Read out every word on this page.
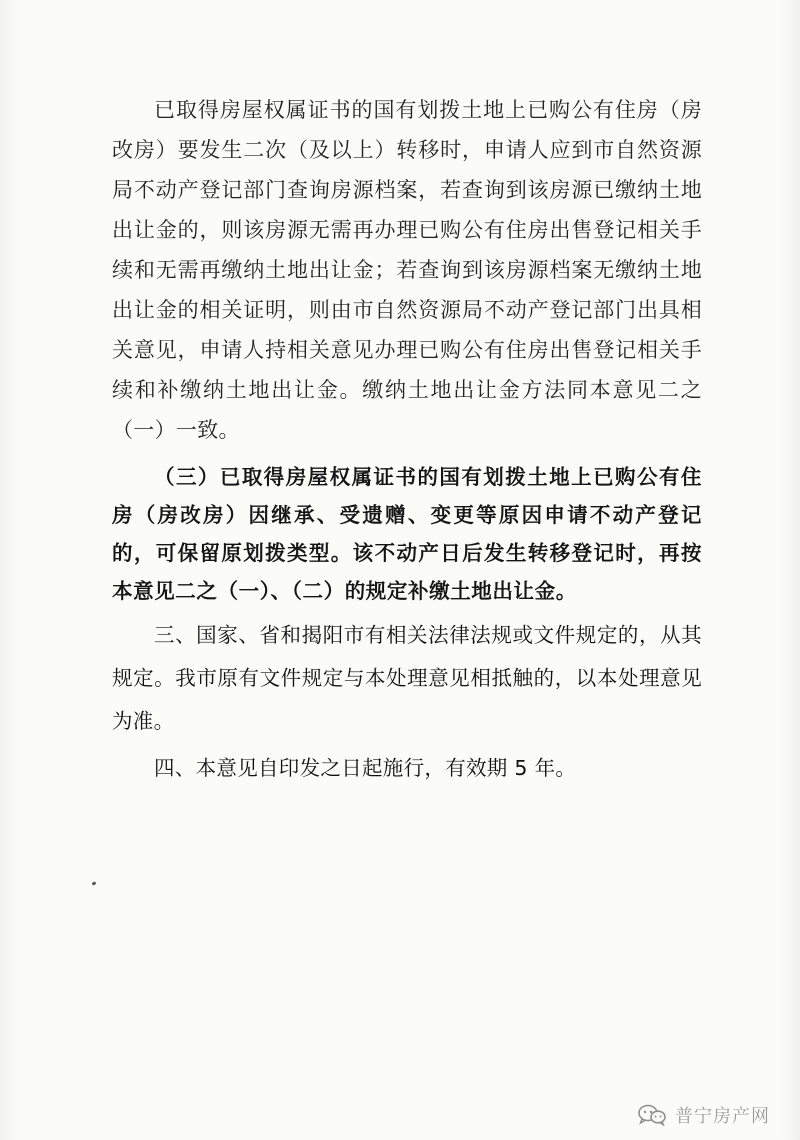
已取得房屋权属证书的国有划拨土地上已购公有住房（房改房）要发生二次（及以上）转移时，申请人应到市自然资源局不动产登记部门查询房源档案，若查询到该房源已缴纳土地出让金的，则该房源无需再办理已购公有住房出售登记相关手续和无需再缴纳土地出让金；若查询到该房源档案无缴纳土地出让金的相关证明，则由市自然资源局不动产登记部门出具相关意见，申请人持相关意见办理已购公有住房出售登记相关手续和补缴纳土地出让金。缴纳土地出让金方法同本意见二之（一）一致。

（三）已取得房屋权属证书的国有划拨土地上已购公有住房（房改房）因继承、受遗赠、变更等原因申请不动产登记的，可保留原划拨类型。该不动产日后发生转移登记时，再按本意见二之（一）、（二）的规定补缴土地出让金。

三、国家、省和揭阳市有相关法律法规或文件规定的，从其规定。我市原有文件规定与本处理意见相抵触的，以本处理意见为准。

四、本意见自印发之日起施行，有效期 5 年。

普宁房产网
